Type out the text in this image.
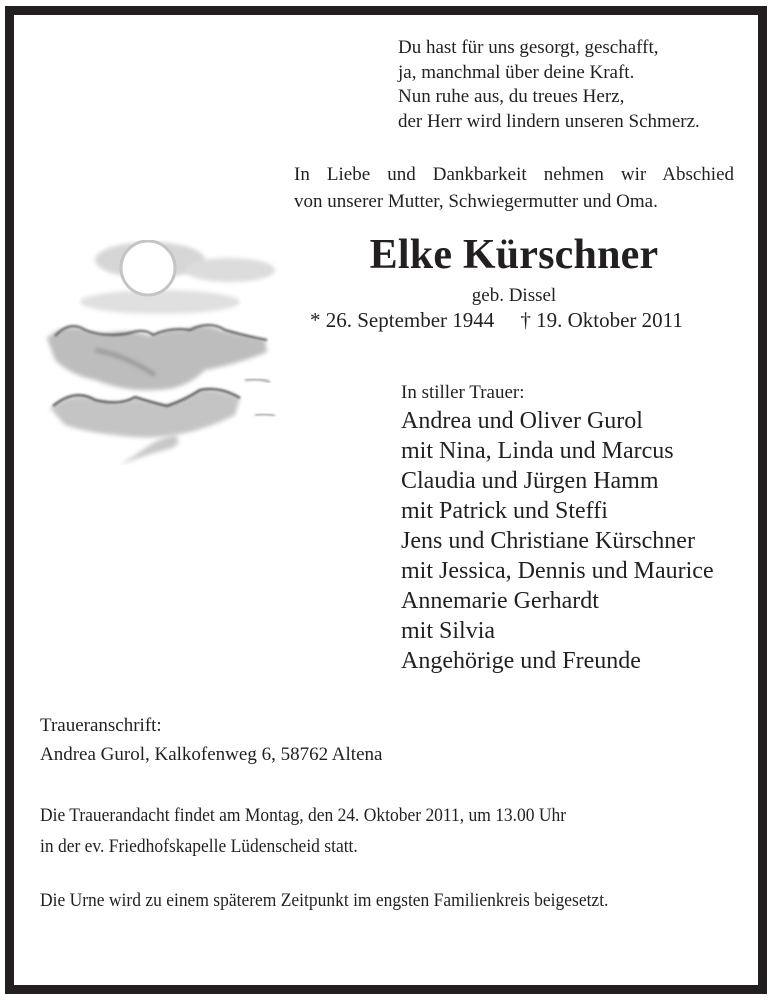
Du hast für uns gesorgt, geschafft,
ja, manchmal über deine Kraft.
Nun ruhe aus, du treues Herz,
der Herr wird lindern unseren Schmerz.
In Liebe und Dankbarkeit nehmen wir Abschied
von unserer Mutter, Schwiegermutter und Oma.
Elke Kürschner
geb. Dissel
* 26. September 1944 † 19. Oktober 2011
In stiller Trauer:
Andrea und Oliver Gurol
mit Nina, Linda und Marcus
Claudia und Jürgen Hamm
mit Patrick und Steffi
Jens und Christiane Kürschner
mit Jessica, Dennis und Maurice
Annemarie Gerhardt
mit Silvia
Angehörige und Freunde
Traueranschrift:
Andrea Gurol, Kalkofenweg 6, 58762 Altena
Die Trauerandacht findet am Montag, den 24. Oktober 2011, um 13.00 Uhr
in der ev. Friedhofskapelle Lüdenscheid statt.
Die Urne wird zu einem späterem Zeitpunkt im engsten Familienkreis beigesetzt.
